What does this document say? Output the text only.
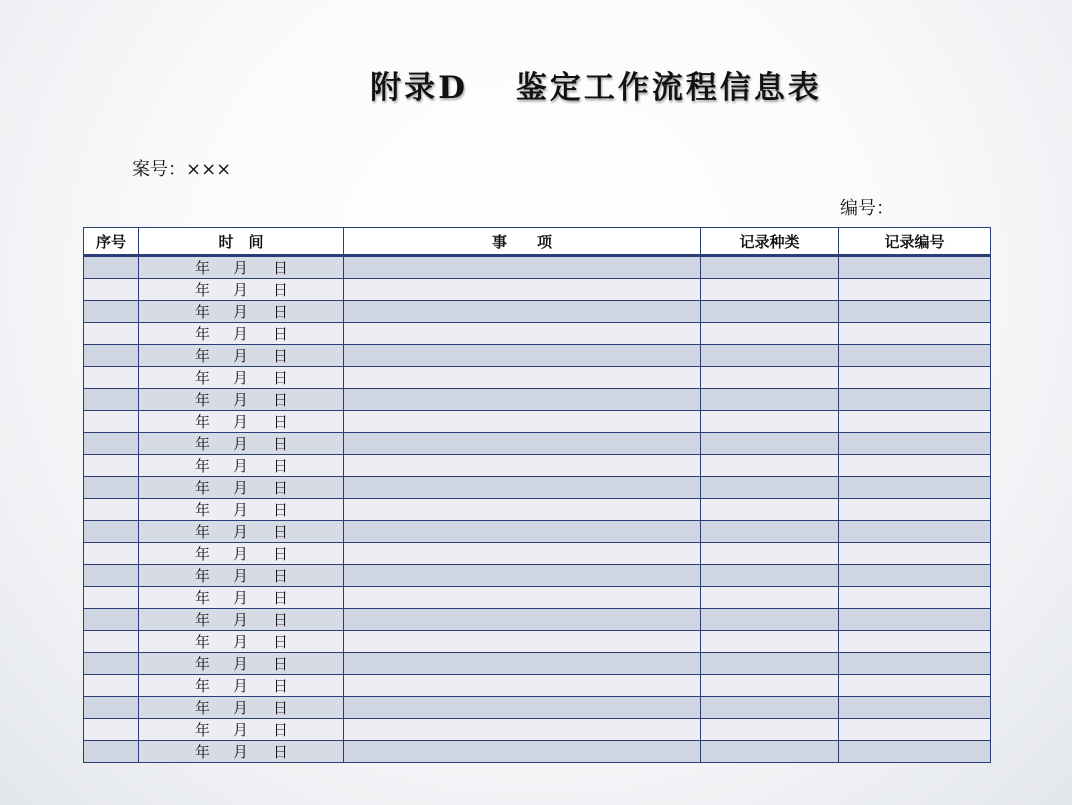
附录D　 鉴定工作流程信息表
案号：×××
编号：
序号	时　间	事　　项	记录种类	记录编号
	年 月 日			
	年 月 日			
	年 月 日			
	年 月 日			
	年 月 日			
	年 月 日			
	年 月 日			
	年 月 日			
	年 月 日			
	年 月 日			
	年 月 日			
	年 月 日			
	年 月 日			
	年 月 日			
	年 月 日			
	年 月 日			
	年 月 日			
	年 月 日			
	年 月 日			
	年 月 日			
	年 月 日			
	年 月 日			
	年 月 日			
